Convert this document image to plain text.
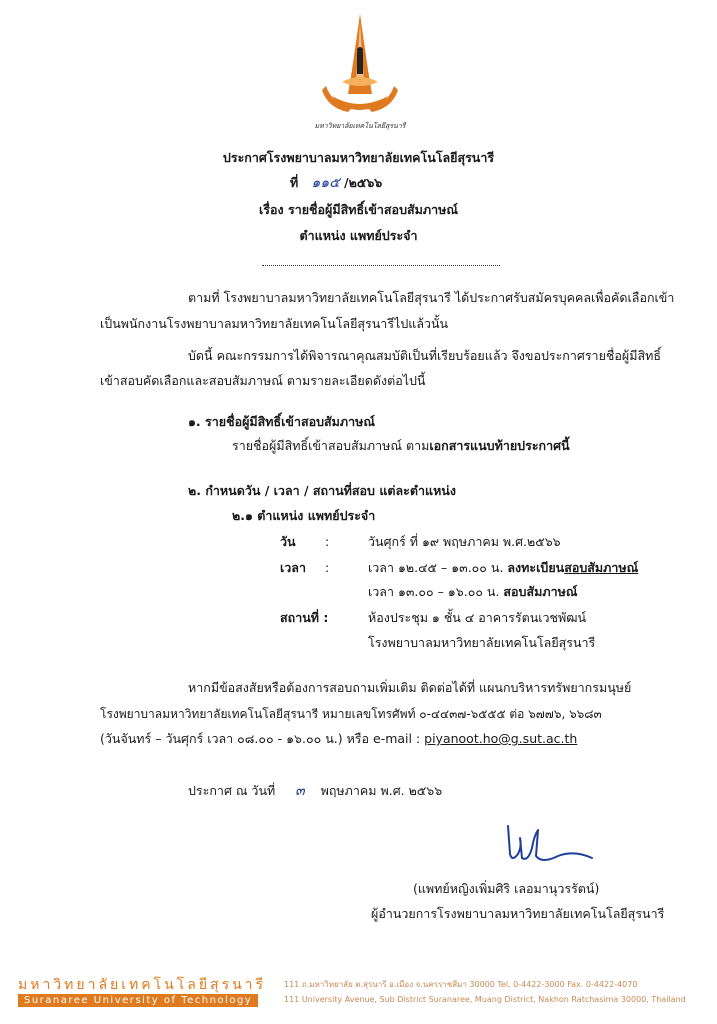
มหาวิทยาลัยเทคโนโลยีสุรนารี
ประกาศโรงพยาบาลมหาวิทยาลัยเทคโนโลยีสุรนารี
ที่ ๑๑๕ /๒๕๖๖
เรื่อง รายชื่อผู้มีสิทธิ์เข้าสอบสัมภาษณ์
ตำแหน่ง แพทย์ประจำ
ตามที่ โรงพยาบาลมหาวิทยาลัยเทคโนโลยีสุรนารี ได้ประกาศรับสมัครบุคคลเพื่อคัดเลือกเข้า
เป็นพนักงานโรงพยาบาลมหาวิทยาลัยเทคโนโลยีสุรนารีไปแล้วนั้น
บัดนี้ คณะกรรมการได้พิจารณาคุณสมบัติเป็นที่เรียบร้อยแล้ว จึงขอประกาศรายชื่อผู้มีสิทธิ์
เข้าสอบคัดเลือกและสอบสัมภาษณ์ ตามรายละเอียดดังต่อไปนี้
๑. รายชื่อผู้มีสิทธิ์เข้าสอบสัมภาษณ์
รายชื่อผู้มีสิทธิ์เข้าสอบสัมภาษณ์ ตามเอกสารแนบท้ายประกาศนี้
๒. กำหนดวัน / เวลา / สถานที่สอบ แต่ละตำแหน่ง
๒.๑ ตำแหน่ง แพทย์ประจำ
วัน :	วันศุกร์ ที่ ๑๙ พฤษภาคม พ.ศ.๒๕๖๖
เวลา :	เวลา ๑๒.๔๕ – ๑๓.๐๐ น. ลงทะเบียนสอบสัมภาษณ์
เวลา ๑๓.๐๐ – ๑๖.๐๐ น. สอบสัมภาษณ์
สถานที่ :	ห้องประชุม ๑ ชั้น ๔ อาคารรัตนเวชพัฒน์
โรงพยาบาลมหาวิทยาลัยเทคโนโลยีสุรนารี
หากมีข้อสงสัยหรือต้องการสอบถามเพิ่มเติม ติดต่อได้ที่ แผนกบริหารทรัพยากรมนุษย์
โรงพยาบาลมหาวิทยาลัยเทคโนโลยีสุรนารี หมายเลขโทรศัพท์ ๐-๔๔๓๗-๖๕๕๕ ต่อ ๖๗๗๖, ๖๖๘๓
(วันจันทร์ – วันศุกร์ เวลา ๐๘.๐๐ - ๑๖.๐๐ น.) หรือ e-mail : piyanoot.ho@g.sut.ac.th
ประกาศ ณ วันที่ ๓ พฤษภาคม พ.ศ. ๒๕๖๖
(แพทย์หญิงเพิ่มศิริ เลอมานุวรรัตน์)
ผู้อำนวยการโรงพยาบาลมหาวิทยาลัยเทคโนโลยีสุรนารี
มหาวิทยาลัยเทคโนโลยีสุรนารี
Suranaree University of Technology
111 ถ.มหาวิทยาลัย ต.สุรนารี อ.เมือง จ.นครราชสีมา 30000 Tel. 0-4422-3000 Fax. 0-4422-4070
111 University Avenue, Sub District Suranaree, Muang District, Nakhon Ratchasima 30000, Thailand
